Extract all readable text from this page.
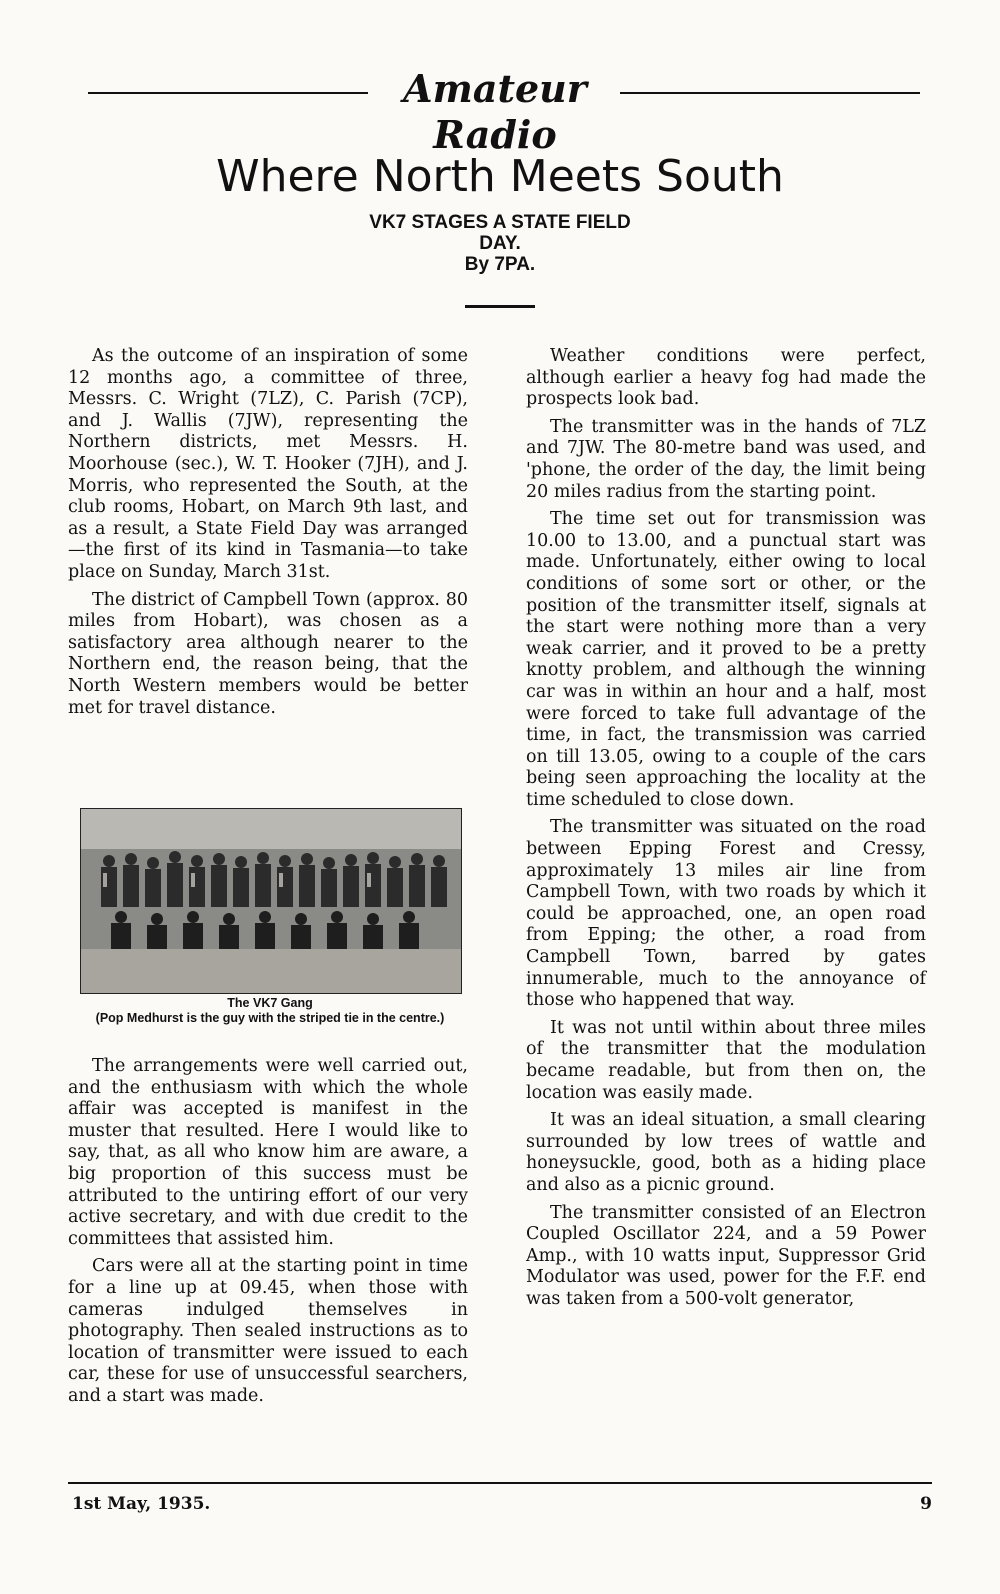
Amateur Radio
Where North Meets South
VK7 STAGES A STATE FIELD
DAY.
By 7PA.

As the outcome of an inspiration of some 12 months ago, a committee of three, Messrs. C. Wright (7LZ), C. Parish (7CP), and J. Wallis (7JW), representing the Northern districts, met Messrs. H. Moorhouse (sec.), W. T. Hooker (7JH), and J. Morris, who represented the South, at the club rooms, Hobart, on March 9th last, and as a result, a State Field Day was arranged—the first of its kind in Tasmania—to take place on Sunday, March 31st.

The district of Campbell Town (approx. 80 miles from Hobart), was chosen as a satisfactory area although nearer to the Northern end, the reason being, that the North Western members would be better met for travel distance.

The VK7 Gang
(Pop Medhurst is the guy with the striped tie in the centre.)

The arrangements were well carried out, and the enthusiasm with which the whole affair was accepted is manifest in the muster that resulted. Here I would like to say, that, as all who know him are aware, a big proportion of this success must be attributed to the untiring effort of our very active secretary, and with due credit to the committees that assisted him.

Cars were all at the starting point in time for a line up at 09.45, when those with cameras indulged themselves in photography. Then sealed instructions as to location of transmitter were issued to each car, these for use of unsuccessful searchers, and a start was made.

Weather conditions were perfect, although earlier a heavy fog had made the prospects look bad.

The transmitter was in the hands of 7LZ and 7JW. The 80-metre band was used, and 'phone, the order of the day, the limit being 20 miles radius from the starting point.

The time set out for transmission was 10.00 to 13.00, and a punctual start was made. Unfortunately, either owing to local conditions of some sort or other, or the position of the transmitter itself, signals at the start were nothing more than a very weak carrier, and it proved to be a pretty knotty problem, and although the winning car was in within an hour and a half, most were forced to take full advantage of the time, in fact, the transmission was carried on till 13.05, owing to a couple of the cars being seen approaching the locality at the time scheduled to close down.

The transmitter was situated on the road between Epping Forest and Cressy, approximately 13 miles air line from Campbell Town, with two roads by which it could be approached, one, an open road from Epping; the other, a road from Campbell Town, barred by gates innumerable, much to the annoyance of those who happened that way.

It was not until within about three miles of the transmitter that the modulation became readable, but from then on, the location was easily made.

It was an ideal situation, a small clearing surrounded by low trees of wattle and honeysuckle, good, both as a hiding place and also as a picnic ground.

The transmitter consisted of an Electron Coupled Oscillator 224, and a 59 Power Amp., with 10 watts input, Suppressor Grid Modulator was used, power for the F.F. end was taken from a 500-volt generator,

1st May, 1935.	9
